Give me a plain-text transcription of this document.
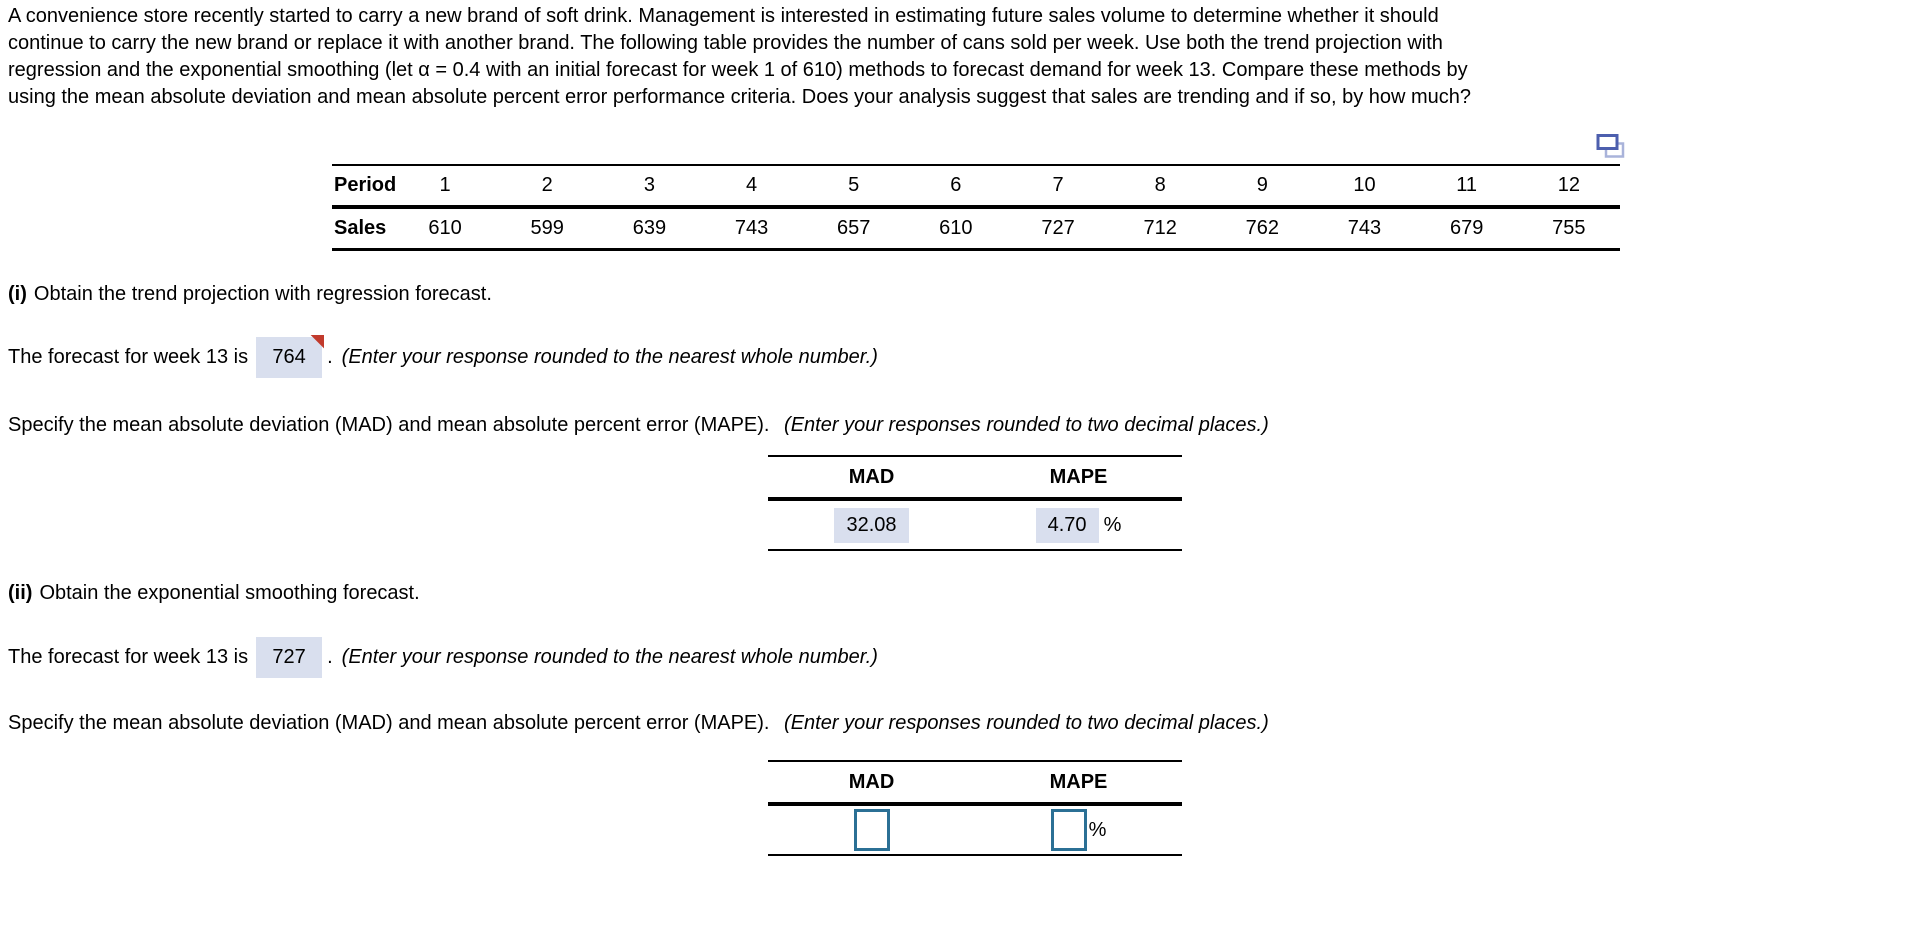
A convenience store recently started to carry a new brand of soft drink. Management is interested in estimating future sales volume to determine whether it should
continue to carry the new brand or replace it with another brand. The following table provides the number of cans sold per week. Use both the trend projection with
regression and the exponential smoothing (let α = 0.4 with an initial forecast for week 1 of 610) methods to forecast demand for week 13. Compare these methods by
using the mean absolute deviation and mean absolute percent error performance criteria. Does your analysis suggest that sales are trending and if so, by how much?
Period	1	2	3	4	5	6	7	8	9	10	11	12
Sales	610	599	639	743	657	610	727	712	762	743	679	755
(i) Obtain the trend projection with regression forecast.
The forecast for week 13 is 764 . (Enter your response rounded to the nearest whole number.)
Specify the mean absolute deviation (MAD) and mean absolute percent error (MAPE). (Enter your responses rounded to two decimal places.)
MAD	MAPE
32.08	4.70 %
(ii) Obtain the exponential smoothing forecast.
The forecast for week 13 is 727 . (Enter your response rounded to the nearest whole number.)
Specify the mean absolute deviation (MAD) and mean absolute percent error (MAPE). (Enter your responses rounded to two decimal places.)
MAD	MAPE
%
